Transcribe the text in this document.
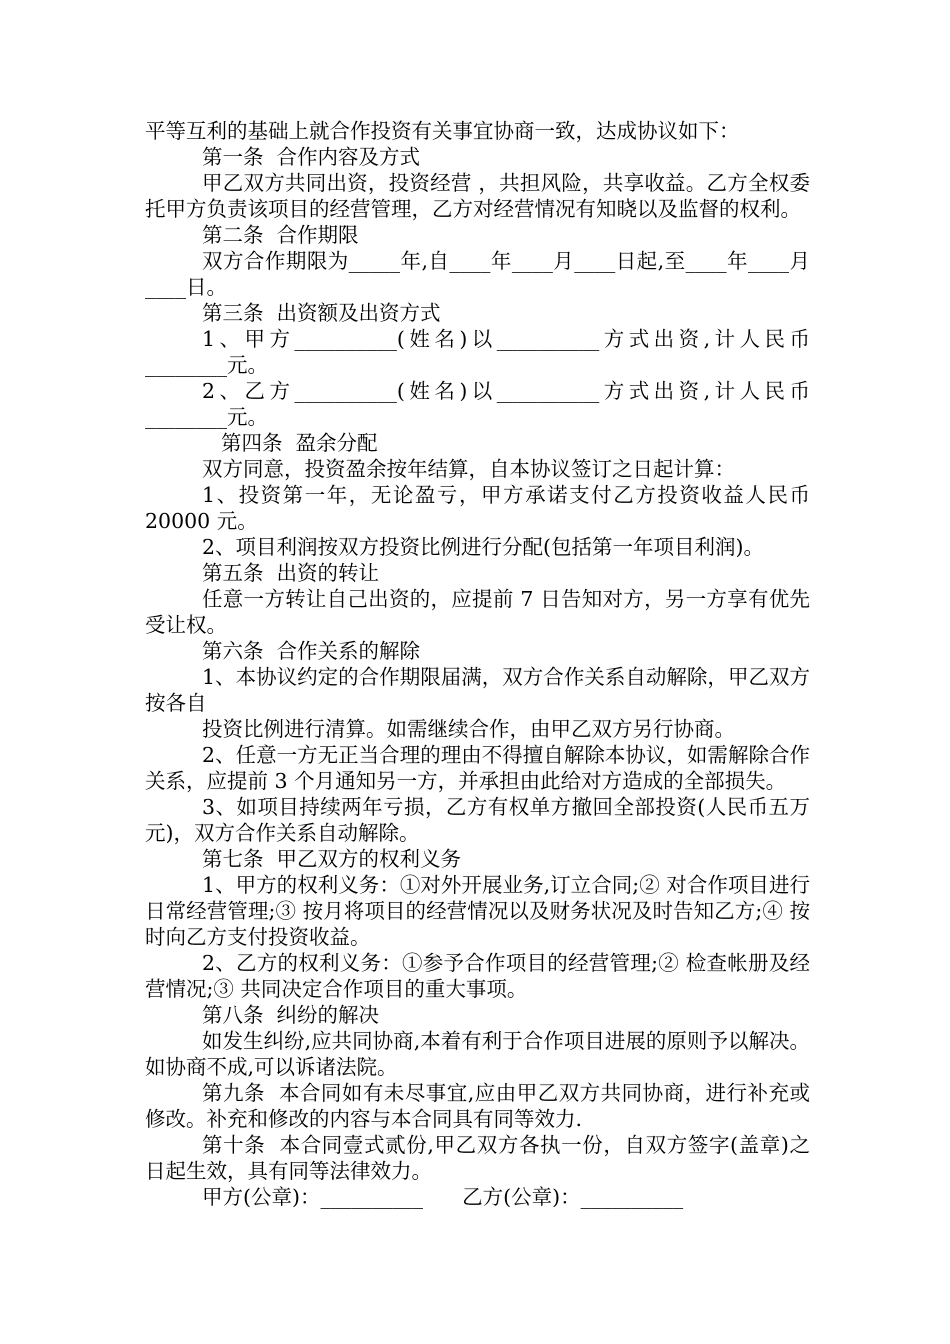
平等互利的基础上就合作投资有关事宜协商一致，达成协议如下：

第一条  合作内容及方式

甲乙双方共同出资，投资经营 ，共担风险，共享收益。乙方全权委托甲方负责该项目的经营管理，乙方对经营情况有知晓以及监督的权利。

第二条  合作期限

双方合作期限为_____年,自____年____月____日起,至____年____月____日。

第三条  出资额及出资方式

1、甲方__________(姓名)以__________方式出资,计人民币________元。

2、乙方__________(姓名)以__________方式出资,计人民币________元。

第四条  盈余分配

双方同意，投资盈余按年结算，自本协议签订之日起计算：

1、投资第一年，无论盈亏，甲方承诺支付乙方投资收益人民币 20000 元。

2、项目利润按双方投资比例进行分配(包括第一年项目利润)。

第五条  出资的转让

任意一方转让自己出资的，应提前 7 日告知对方，另一方享有优先受让权。

第六条  合作关系的解除

1、本协议约定的合作期限届满，双方合作关系自动解除，甲乙双方按各自

投资比例进行清算。如需继续合作，由甲乙双方另行协商。

2、任意一方无正当合理的理由不得擅自解除本协议，如需解除合作关系，应提前 3 个月通知另一方，并承担由此给对方造成的全部损失。

3、如项目持续两年亏损，乙方有权单方撤回全部投资(人民币五万元)，双方合作关系自动解除。

第七条  甲乙双方的权利义务

1、甲方的权利义务：①对外开展业务,订立合同;② 对合作项目进行日常经营管理;③ 按月将项目的经营情况以及财务状况及时告知乙方;④ 按时向乙方支付投资收益。

2、乙方的权利义务：①参予合作项目的经营管理;② 检查帐册及经营情况;③ 共同决定合作项目的重大事项。

第八条  纠纷的解决

如发生纠纷,应共同协商,本着有利于合作项目进展的原则予以解决。如协商不成,可以诉诸法院。

第九条  本合同如有未尽事宜,应由甲乙双方共同协商，进行补充或修改。补充和修改的内容与本合同具有同等效力.

第十条  本合同壹式贰份,甲乙双方各执一份，自双方签字(盖章)之日起生效，具有同等法律效力。

甲方(公章)：__________ 乙方(公章)：__________
